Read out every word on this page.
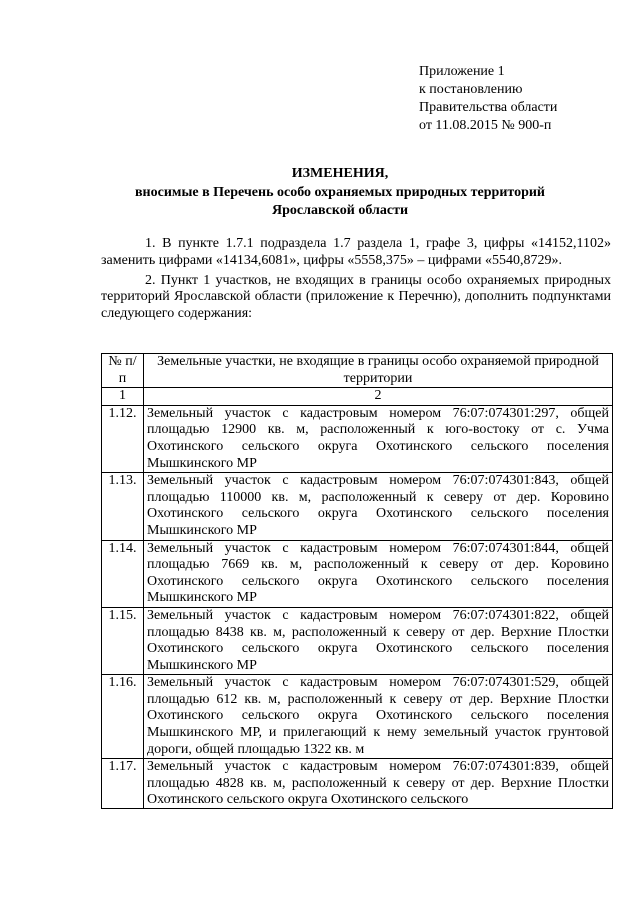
Приложение 1
к постановлению
Правительства области
от 11.08.2015 № 900-п
ИЗМЕНЕНИЯ,
вносимые в Перечень особо охраняемых природных территорий
Ярославской области

1. В пункте 1.7.1 подраздела 1.7 раздела 1, графе 3, цифры «14152,1102» заменить цифрами «14134,6081», цифры «5558,375» – цифрами «5540,8729».

2. Пункт 1 участков, не входящих в границы особо охраняемых природных территорий Ярославской области (приложение к Перечню), дополнить подпунктами следующего содержания:

№ п/п	Земельные участки, не входящие в границы особо охраняемой природной территории
1	2
1.12.	Земельный участок с кадастровым номером 76:07:074301:297, общей площадью 12900 кв. м, расположенный к юго-востоку от с. Учма Охотинского сельского округа Охотинского сельского поселения Мышкинского МР
1.13.	Земельный участок с кадастровым номером 76:07:074301:843, общей площадью 110000 кв. м, расположенный к северу от дер. Коровино Охотинского сельского округа Охотинского сельского поселения Мышкинского МР
1.14.	Земельный участок с кадастровым номером 76:07:074301:844, общей площадью 7669 кв. м, расположенный к северу от дер. Коровино Охотинского сельского округа Охотинского сельского поселения Мышкинского МР
1.15.	Земельный участок с кадастровым номером 76:07:074301:822, общей площадью 8438 кв. м, расположенный к северу от дер. Верхние Плостки Охотинского сельского округа Охотинского сельского поселения Мышкинского МР
1.16.	Земельный участок с кадастровым номером 76:07:074301:529, общей площадью 612 кв. м, расположенный к северу от дер. Верхние Плостки Охотинского сельского округа Охотинского сельского поселения Мышкинского МР, и прилегающий к нему земельный участок грунтовой дороги, общей площадью 1322 кв. м
1.17.	Земельный участок с кадастровым номером 76:07:074301:839, общей площадью 4828 кв. м, расположенный к северу от дер. Верхние Плостки Охотинского сельского округа Охотинского сельского
